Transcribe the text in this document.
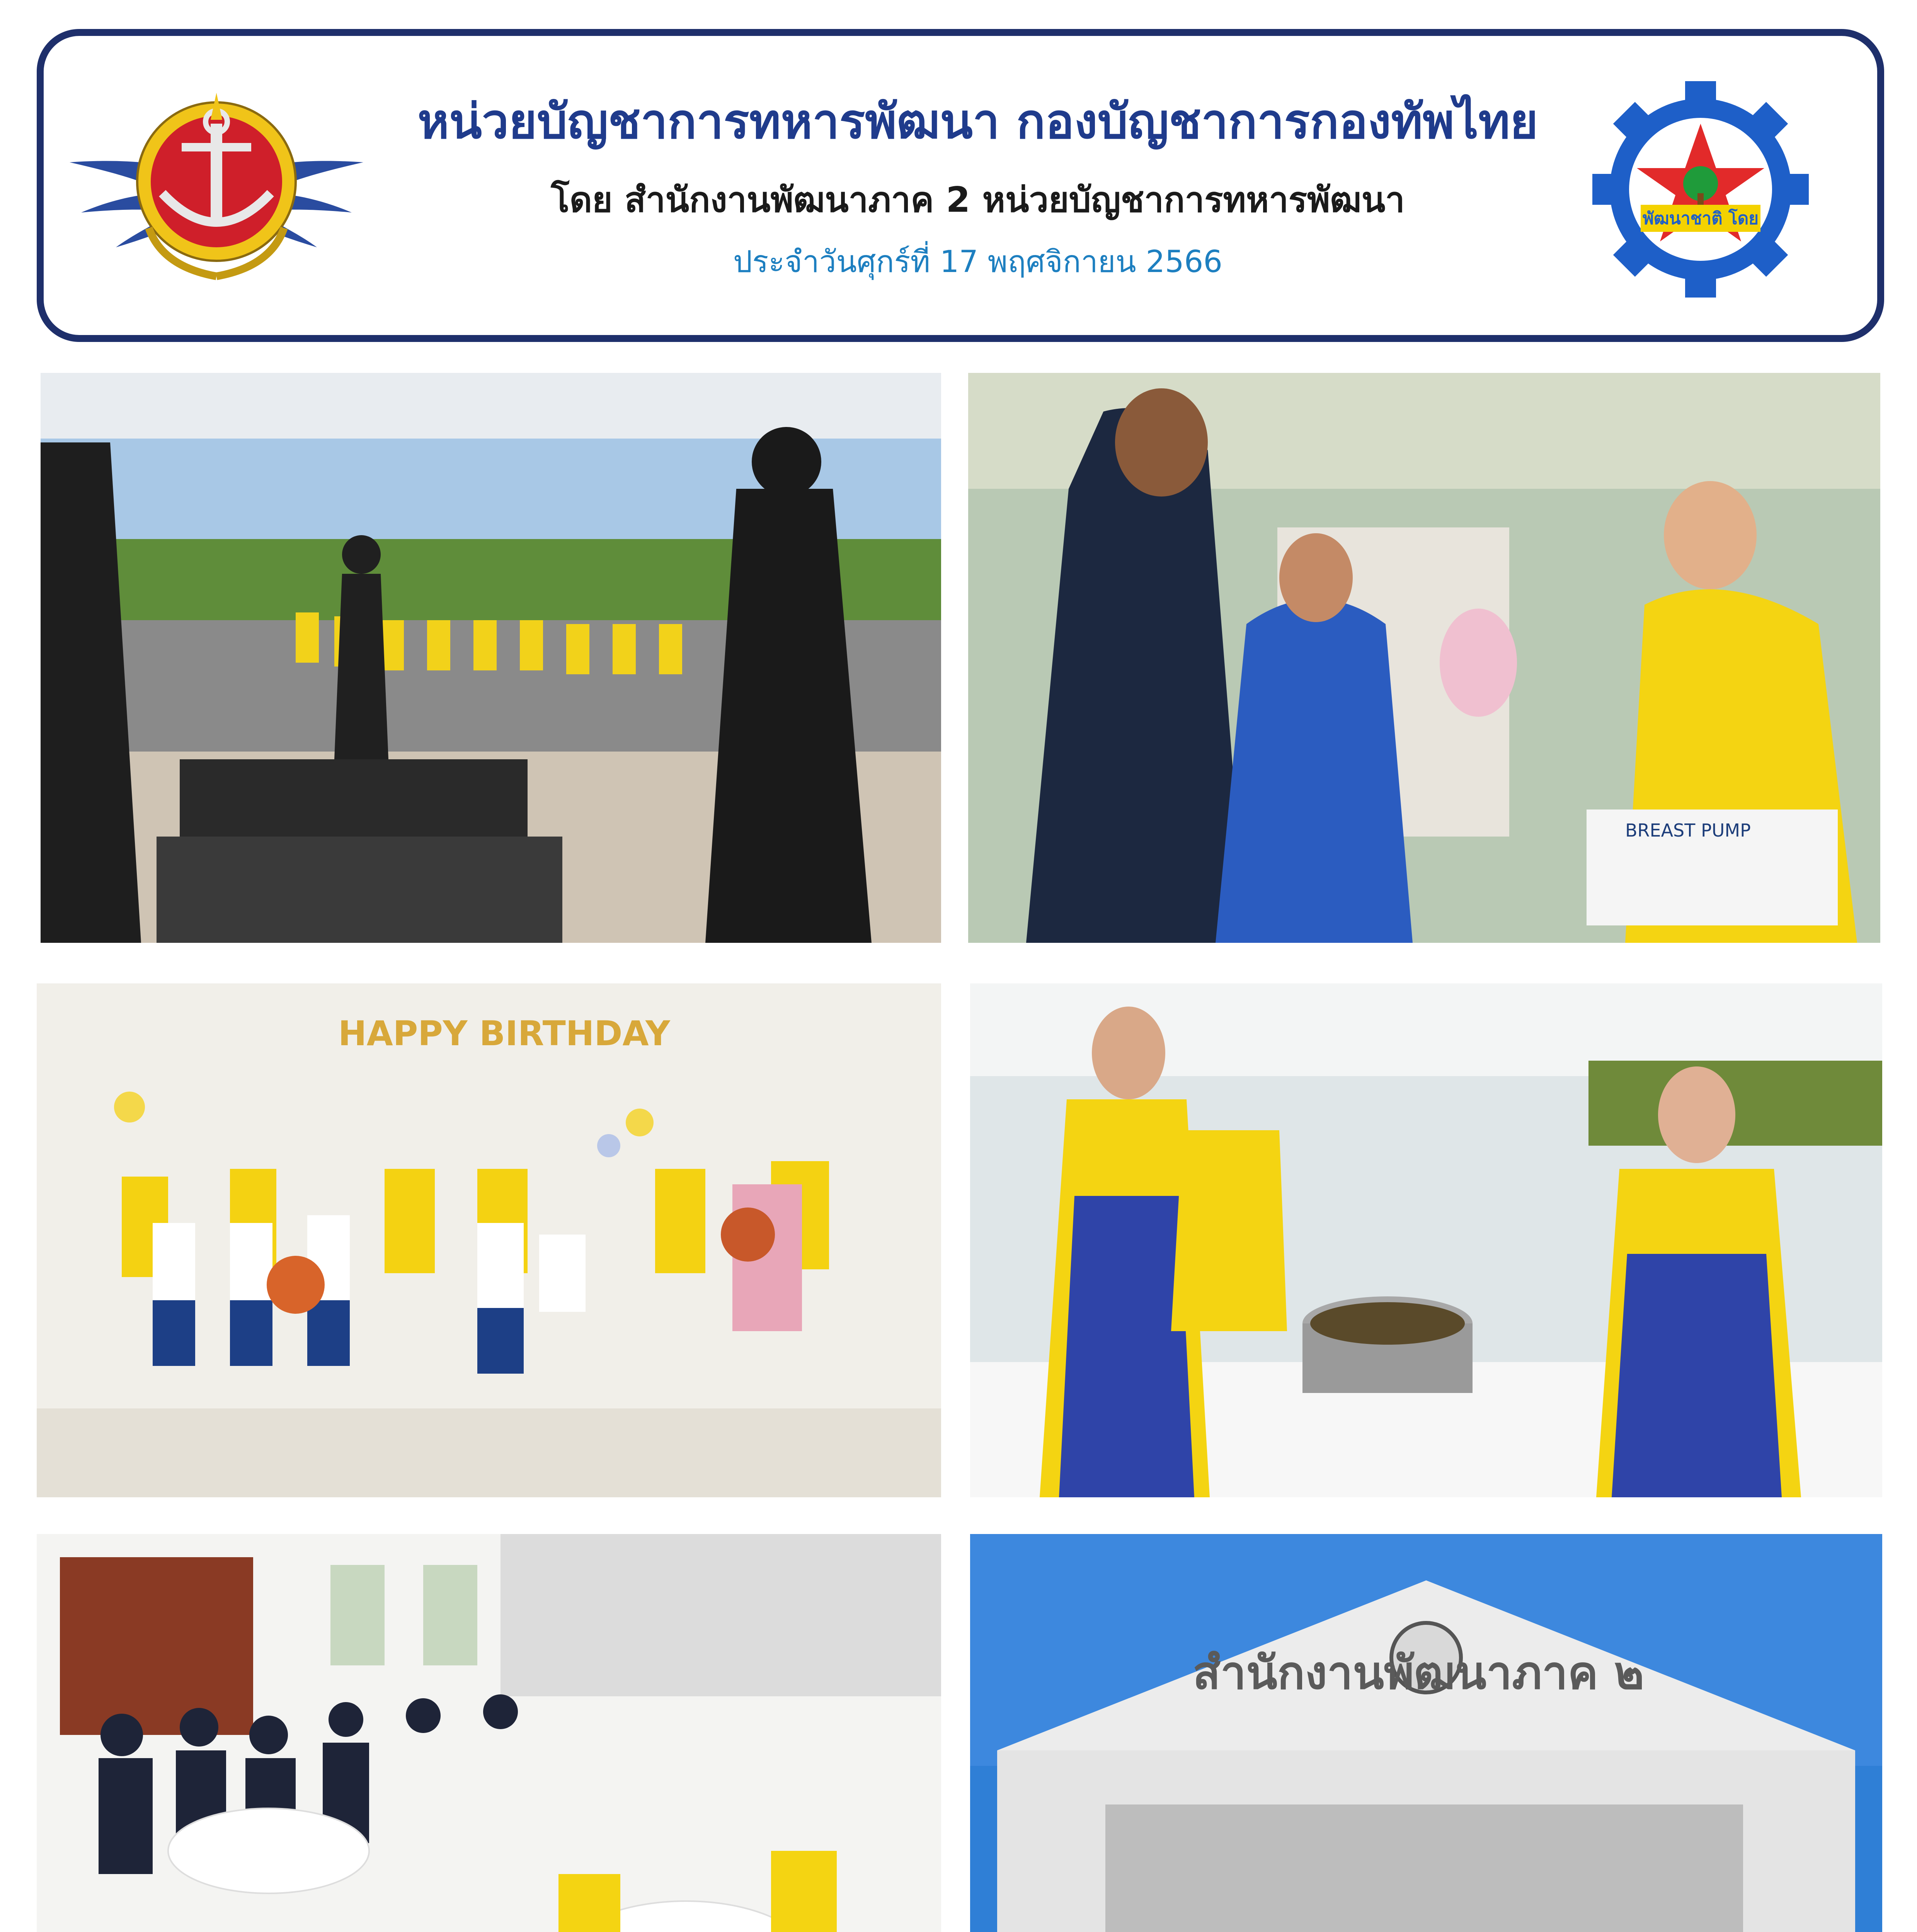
หน่วยบัญชาการทหารพัฒนา กองบัญชาการกองทัพไทย
โดย สำนักงานพัฒนาภาค 2 หน่วยบัญชาการทหารพัฒนา
ประจำวันศุกร์ที่ 17 พฤศจิกายน 2566
พัฒนาชาติ โดย
BREAST PUMP
HAPPY BIRTHDAY
สำนักงานพัฒนาภาค ๒
